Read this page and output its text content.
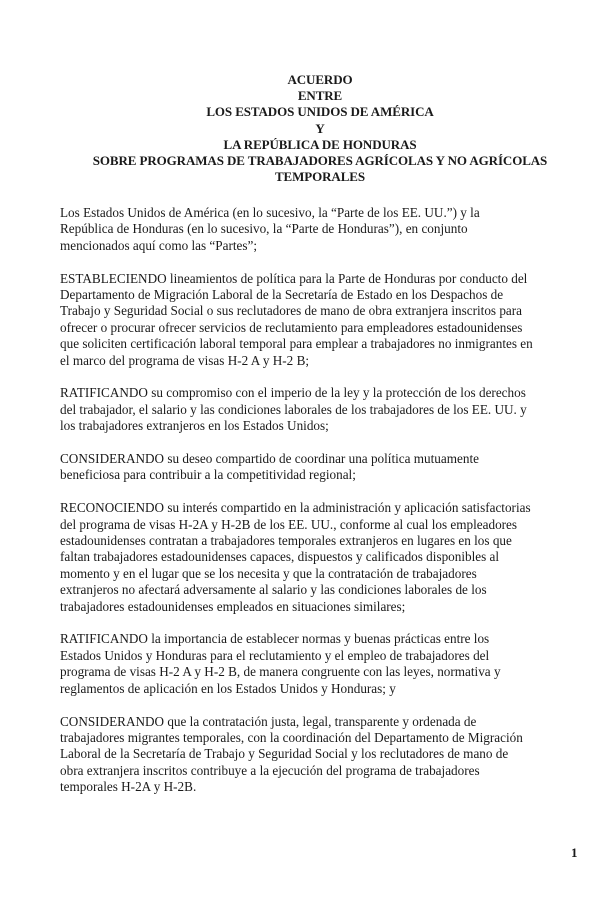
ACUERDO
ENTRE
LOS ESTADOS UNIDOS DE AMÉRICA
Y
LA REPÚBLICA DE HONDURAS
SOBRE PROGRAMAS DE TRABAJADORES AGRÍCOLAS Y NO AGRÍCOLAS
TEMPORALES

Los Estados Unidos de América (en lo sucesivo, la “Parte de los EE. UU.”) y la
República de Honduras (en lo sucesivo, la “Parte de Honduras”), en conjunto
mencionados aquí como las “Partes”;

ESTABLECIENDO lineamientos de política para la Parte de Honduras por conducto del
Departamento de Migración Laboral de la Secretaría de Estado en los Despachos de
Trabajo y Seguridad Social o sus reclutadores de mano de obra extranjera inscritos para
ofrecer o procurar ofrecer servicios de reclutamiento para empleadores estadounidenses
que soliciten certificación laboral temporal para emplear a trabajadores no inmigrantes en
el marco del programa de visas H-2 A y H-2 B;

RATIFICANDO su compromiso con el imperio de la ley y la protección de los derechos
del trabajador, el salario y las condiciones laborales de los trabajadores de los EE. UU. y
los trabajadores extranjeros en los Estados Unidos;

CONSIDERANDO su deseo compartido de coordinar una política mutuamente
beneficiosa para contribuir a la competitividad regional;

RECONOCIENDO su interés compartido en la administración y aplicación satisfactorias
del programa de visas H-2A y H-2B de los EE. UU., conforme al cual los empleadores
estadounidenses contratan a trabajadores temporales extranjeros en lugares en los que
faltan trabajadores estadounidenses capaces, dispuestos y calificados disponibles al
momento y en el lugar que se los necesita y que la contratación de trabajadores
extranjeros no afectará adversamente al salario y las condiciones laborales de los
trabajadores estadounidenses empleados en situaciones similares;

RATIFICANDO la importancia de establecer normas y buenas prácticas entre los
Estados Unidos y Honduras para el reclutamiento y el empleo de trabajadores del
programa de visas H-2 A y H-2 B, de manera congruente con las leyes, normativa y
reglamentos de aplicación en los Estados Unidos y Honduras; y

CONSIDERANDO que la contratación justa, legal, transparente y ordenada de
trabajadores migrantes temporales, con la coordinación del Departamento de Migración
Laboral de la Secretaría de Trabajo y Seguridad Social y los reclutadores de mano de
obra extranjera inscritos contribuye a la ejecución del programa de trabajadores
temporales H-2A y H-2B.

1
